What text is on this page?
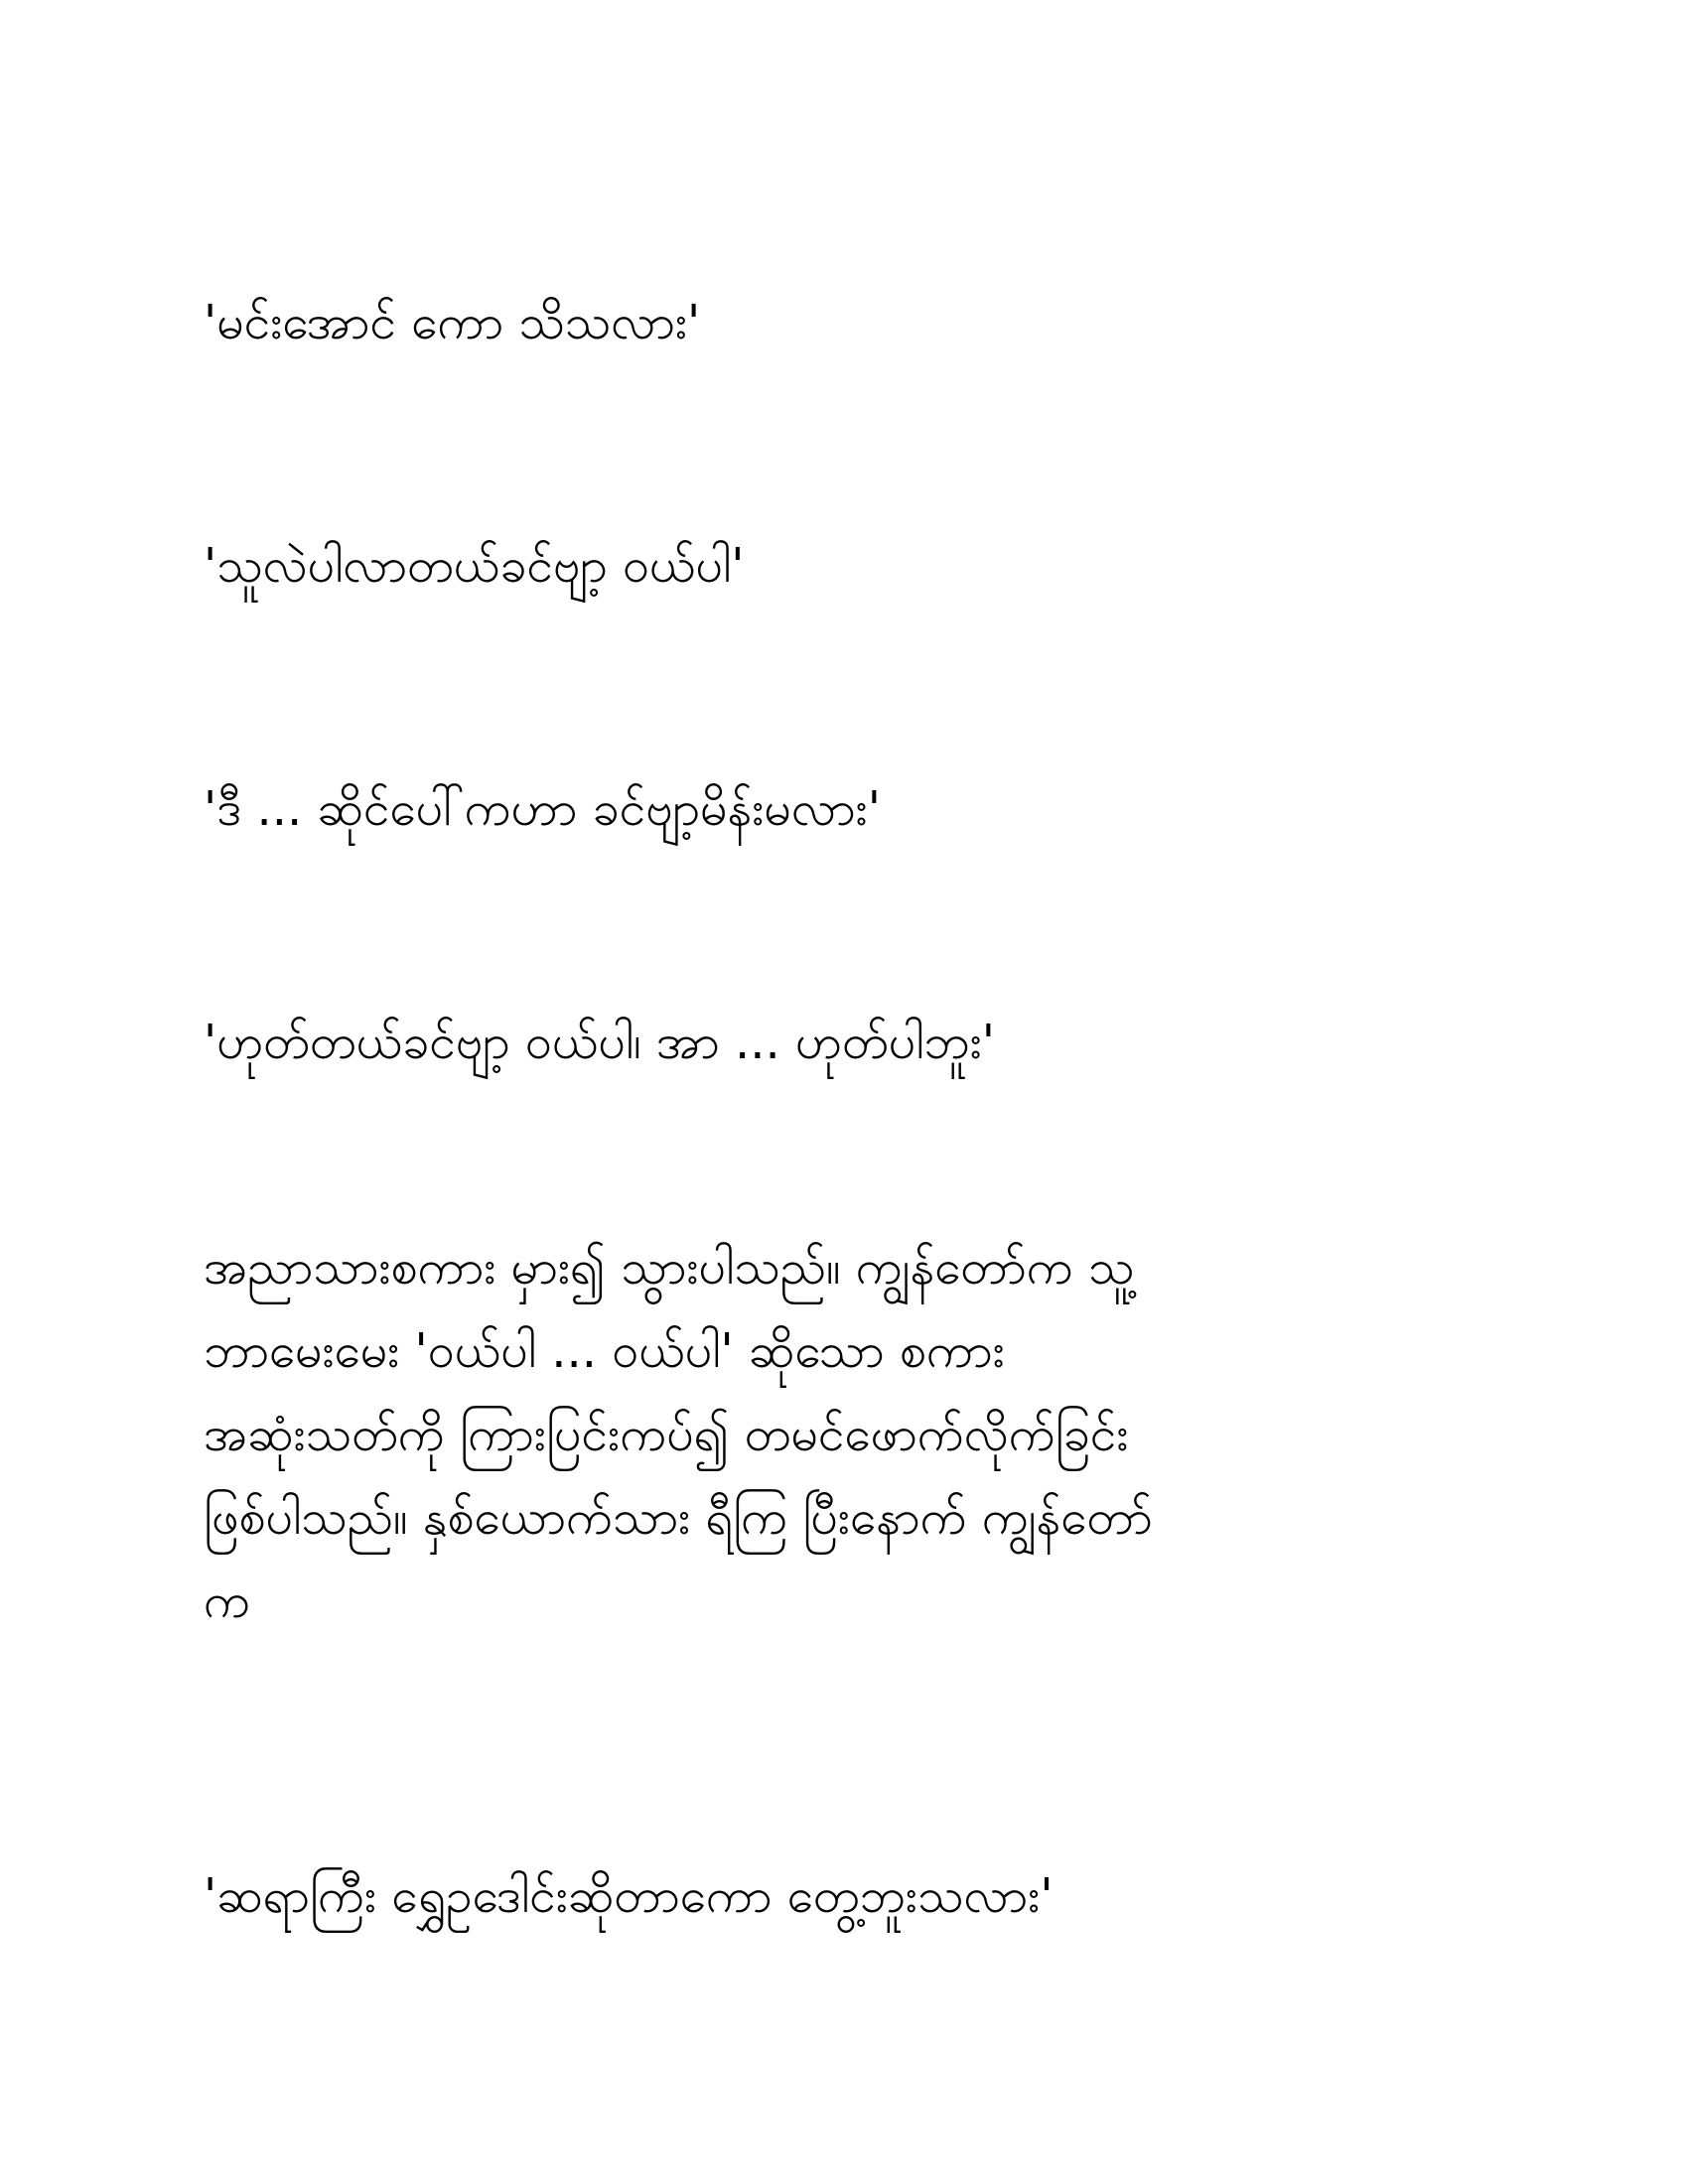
'မင်းအောင် ကော သိသလား'

'သူလဲပါလာတယ်ခင်ဗျာ့ ဝယ်ပါ'

'ဒီ ... ဆိုင်ပေါ်ကဟာ ခင်ဗျာ့မိန်းမလား'

'ဟုတ်တယ်ခင်ဗျာ့ ဝယ်ပါ၊ အာ ... ဟုတ်ပါဘူး'

အညာသားစကား မှား၍ သွားပါသည်။ ကျွန်တော်က သူ့
ဘာမေးမေး 'ဝယ်ပါ ... ဝယ်ပါ' ဆိုသော စကား
အဆုံးသတ်ကို ကြားပြင်းကပ်၍ တမင်ဖောက်လိုက်ခြင်း
ဖြစ်ပါသည်။ နှစ်ယောက်သား ရီကြ ပြီးနောက် ကျွန်တော်
က

'ဆရာကြီး ရွှေဥဒေါင်းဆိုတာကော တွေ့ဘူးသလား'
